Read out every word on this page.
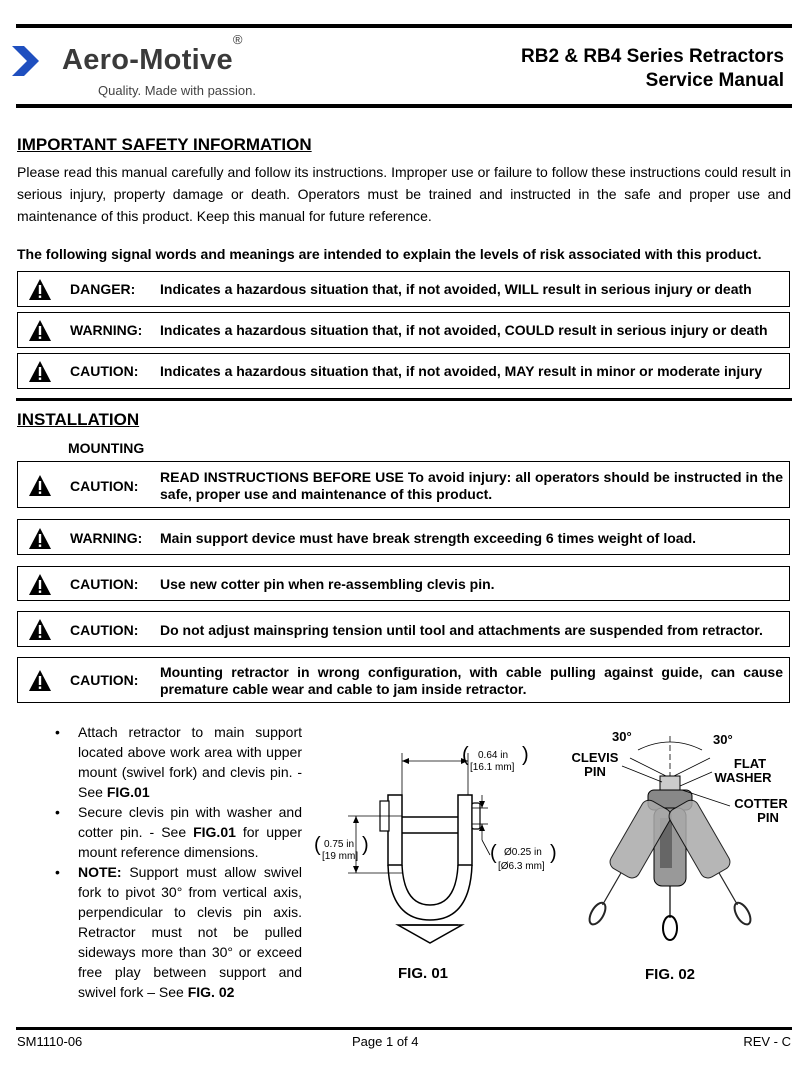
Aero-Motive®
Quality. Made with passion.
RB2 & RB4 Series Retractors
Service Manual
IMPORTANT SAFETY INFORMATION
Please read this manual carefully and follow its instructions. Improper use or failure to follow these instructions could result in serious injury, property damage or death. Operators must be trained and instructed in the safe and proper use and maintenance of this product. Keep this manual for future reference.
The following signal words and meanings are intended to explain the levels of risk associated with this product.
DANGER: Indicates a hazardous situation that, if not avoided, WILL result in serious injury or death
WARNING: Indicates a hazardous situation that, if not avoided, COULD result in serious injury or death
CAUTION: Indicates a hazardous situation that, if not avoided, MAY result in minor or moderate injury
INSTALLATION
MOUNTING
CAUTION:
READ INSTRUCTIONS BEFORE USE To avoid injury: all operators should be instructed in the safe, proper use and maintenance of this product.
WARNING: Main support device must have break strength exceeding 6 times weight of load.
CAUTION: Use new cotter pin when re-assembling clevis pin.
CAUTION: Do not adjust mainspring tension until tool and attachments are suspended from retractor.
CAUTION: Mounting retractor in wrong configuration, with cable pulling against guide, can cause premature cable wear and cable to jam inside retractor.
• Attach retractor to main support located above work area with upper mount (swivel fork) and clevis pin. - See FIG.01
• Secure clevis pin with washer and cotter pin. - See FIG.01 for upper mount reference dimensions.
• NOTE: Support must allow swivel fork to pivot 30° from vertical axis, perpendicular to clevis pin axis. Retractor must not be pulled sideways more than 30° or exceed free play between support and swivel fork – See FIG. 02
( 0.64 in
[16.1 mm]
)
( 0.75 in
[19 mm]
)	( Ø0.25 in
[Ø6.3 mm]
)
FIG. 01
30°	30°
CLEVIS
PIN
FLAT
WASHER
COTTER
PIN
FIG. 02
SM1110-06	Page 1 of 4	REV - C
